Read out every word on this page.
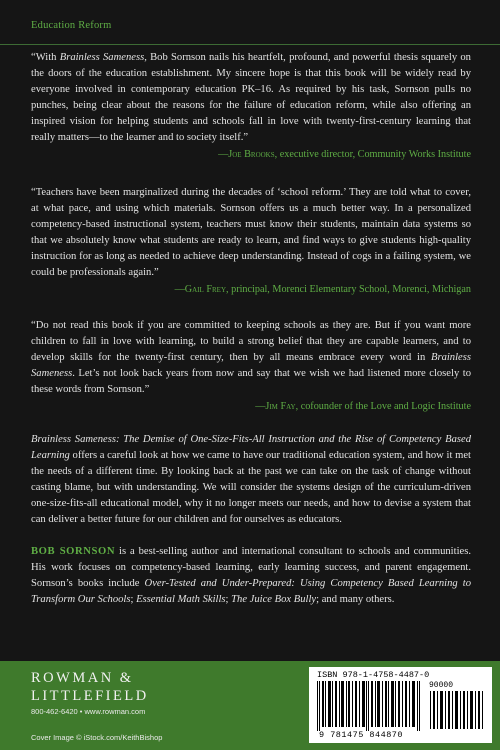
Education Reform

“With Brainless Sameness, Bob Sornson nails his heartfelt, profound, and powerful thesis squarely on the doors of the education establishment. My sincere hope is that this book will be widely read by everyone involved in contemporary education PK–16. As required by his task, Sornson pulls no punches, being clear about the reasons for the failure of education reform, while also offering an inspired vision for helping students and schools fall in love with twenty-first-century learning that really matters—to the learner and to society itself.”

—Joe Brooks, executive director, Community Works Institute

“Teachers have been marginalized during the decades of ‘school reform.’ They are told what to cover, at what pace, and using which materials. Sornson offers us a much better way. In a personalized competency-based instructional system, teachers must know their students, maintain data systems so that we absolutely know what students are ready to learn, and find ways to give students high-quality instruction for as long as needed to achieve deep understanding. Instead of cogs in a failing system, we could be professionals again.”

—Gail Frey, principal, Morenci Elementary School, Morenci, Michigan

“Do not read this book if you are committed to keeping schools as they are. But if you want more children to fall in love with learning, to build a strong belief that they are capable learners, and to develop skills for the twenty-first century, then by all means embrace every word in Brainless Sameness. Let’s not look back years from now and say that we wish we had listened more closely to these words from Sornson.”

—Jim Fay, cofounder of the Love and Logic Institute

Brainless Sameness: The Demise of One-Size-Fits-All Instruction and the Rise of Competency Based Learning offers a careful look at how we came to have our traditional education system, and how it met the needs of a different time. By looking back at the past we can take on the task of change without casting blame, but with understanding. We will consider the systems design of the curriculum-driven one-size-fits-all educational model, why it no longer meets our needs, and how to devise a system that can deliver a better future for our children and for ourselves as educators.

BOB SORNSON is a best-selling author and international consultant to schools and communities. His work focuses on competency-based learning, early learning success, and parent engagement. Sornson’s books include Over-Tested and Under-Prepared: Using Competency Based Learning to Transform Our Schools; Essential Math Skills; The Juice Box Bully; and many others.

ROWMAN &
LITTLEFIELD
800-462-6420 • www.rowman.com
Cover Image © iStock.com/KeithBishop
ISBN 978-1-4758-4487-0
90000
9 781475 844870
